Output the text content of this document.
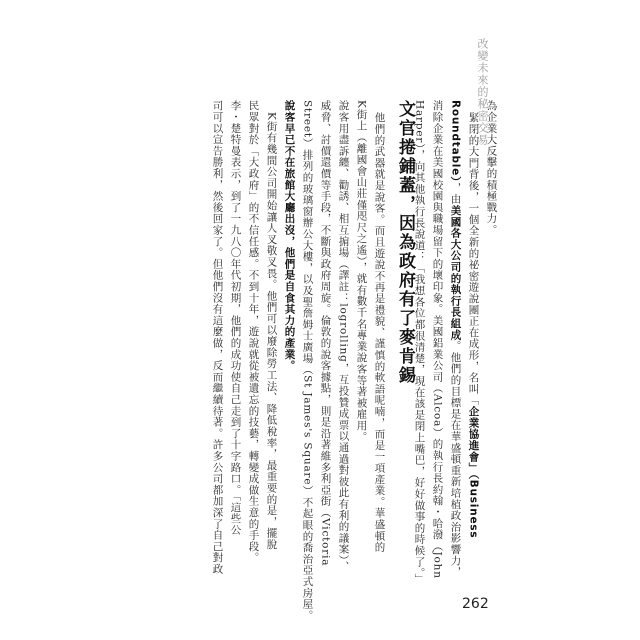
改變未來的秘密交易
為企業大反擊的積極戰力。
緊閉的大門背後，一個全新的祕密遊說團正在成形，名叫「企業協進會」（Business
Roundtable），由美國各大公司的執行長組成。他們的目標是在華盛頓重新培植政治影響力，
消除企業在美國校園與職場留下的壞印象。美國鋁業公司（Alcoa）的執行長約翰・哈潑（John
Harper），向其他執行長說道：「我想各位都很清楚，現在該是閉上嘴巴，好好做事的時候了。」
他們的武器就是說客。而且遊說不再是禮貌、謹慎的軟語呢喃，而是一項產業。華盛頓的
K街上（離國會山莊僅咫尺之遙），就有數千名專業說客等著被雇用。
說客用盡訴纏、勸誘、相互掮場（譯註：logrolling，互投贊成票以通過對彼此有利的議案）、
威脅、討價還價等手段，不斷與政府周旋。倫敦的說客據點，則是沿著維多利亞街（Victoria
Street）排列的玻璃窗辦公大樓，以及聖詹姆士廣場（St James's Square）不起眼的喬治亞式房屋。
說客早已不在旅館大廳出沒，他們是自食其力的產業。
K街有幾間公司開始讓人叉敬叉畏。他們可以廢除勞工法、降低稅率，最重要的是，擺脫
民眾對於「大政府」的不信任感。不到十年，遊說就從被遺忘的技藝，轉變成做生意的手段。
李・楚特曼表示，到了一九八〇年代初期，他們的成功使自己走到了十字路口。「這些公
司可以宣告勝利，然後回家了。但他們沒有這麼做，反而繼續待著。許多公司都加深了自己對政	文官捲鋪蓋，因為政府有了麥肯錫
262
